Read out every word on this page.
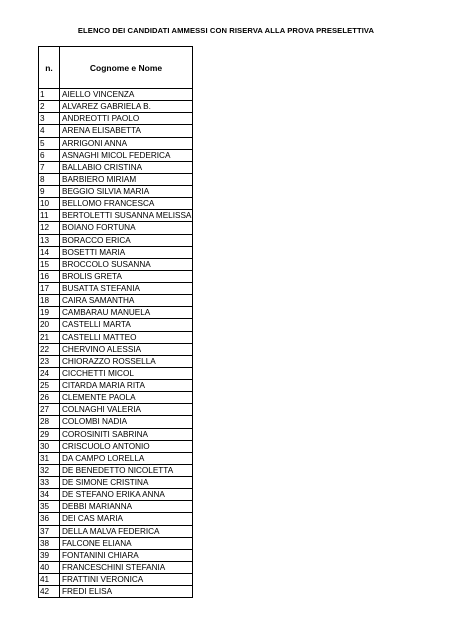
ELENCO DEI CANDIDATI AMMESSI CON RISERVA ALLA PROVA PRESELETTIVA
n.	Cognome e Nome
1	AIELLO VINCENZA
2	ALVAREZ GABRIELA B.
3	ANDREOTTI PAOLO
4	ARENA ELISABETTA
5	ARRIGONI ANNA
6	ASNAGHI MICOL FEDERICA
7	BALLABIO CRISTINA
8	BARBIERO MIRIAM
9	BEGGIO SILVIA MARIA
10	BELLOMO FRANCESCA
11	BERTOLETTI SUSANNA MELISSA
12	BOIANO FORTUNA
13	BORACCO ERICA
14	BOSETTI MARIA
15	BROCCOLO SUSANNA
16	BROLIS GRETA
17	BUSATTA STEFANIA
18	CAIRA SAMANTHA
19	CAMBARAU MANUELA
20	CASTELLI MARTA
21	CASTELLI MATTEO
22	CHERVINO ALESSIA
23	CHIORAZZO ROSSELLA
24	CICCHETTI MICOL
25	CITARDA MARIA RITA
26	CLEMENTE PAOLA
27	COLNAGHI VALERIA
28	COLOMBI NADIA
29	COROSINITI SABRINA
30	CRISCUOLO ANTONIO
31	DA CAMPO LORELLA
32	DE BENEDETTO NICOLETTA
33	DE SIMONE CRISTINA
34	DE STEFANO ERIKA ANNA
35	DEBBI MARIANNA
36	DEI CAS MARIA
37	DELLA MALVA FEDERICA
38	FALCONE ELIANA
39	FONTANINI CHIARA
40	FRANCESCHINI STEFANIA
41	FRATTINI VERONICA
42	FREDI ELISA
